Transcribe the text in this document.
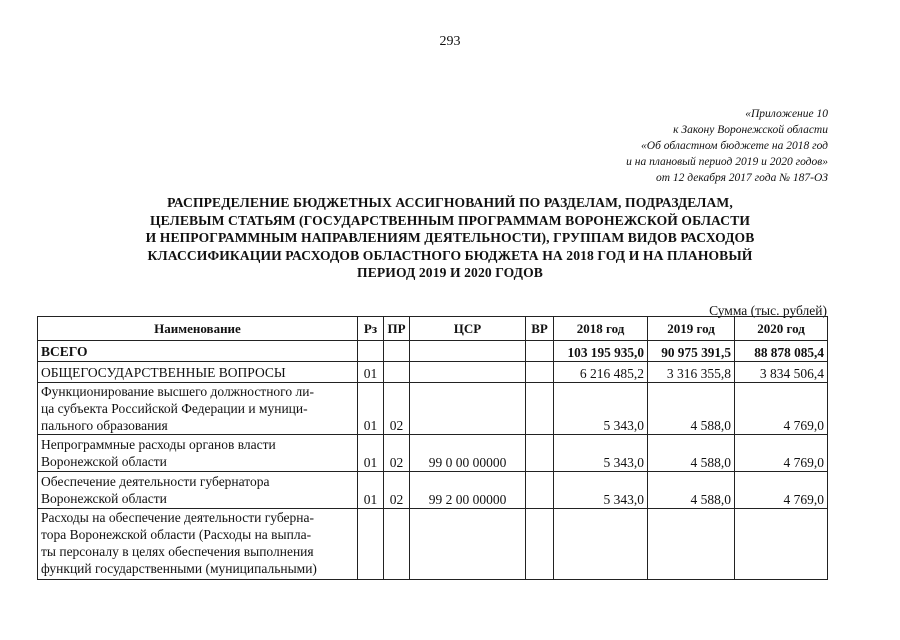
293
«Приложение 10
к Закону Воронежской области
«Об областном бюджете на 2018 год
и на плановый период 2019 и 2020 годов»
от 12 декабря 2017 года № 187-ОЗ
РАСПРЕДЕЛЕНИЕ БЮДЖЕТНЫХ АССИГНОВАНИЙ ПО РАЗДЕЛАМ, ПОДРАЗДЕЛАМ,
ЦЕЛЕВЫМ СТАТЬЯМ (ГОСУДАРСТВЕННЫМ ПРОГРАММАМ ВОРОНЕЖСКОЙ ОБЛАСТИ
И НЕПРОГРАММНЫМ НАПРАВЛЕНИЯМ ДЕЯТЕЛЬНОСТИ), ГРУППАМ ВИДОВ РАСХОДОВ
КЛАССИФИКАЦИИ РАСХОДОВ ОБЛАСТНОГО БЮДЖЕТА НА 2018 ГОД И НА ПЛАНОВЫЙ
ПЕРИОД 2019 И 2020 ГОДОВ
Сумма (тыс. рублей)
Наименование	Рз	ПР	ЦСР	ВР	2018 год	2019 год	2020 год

ВСЕГО					103 195 935,0	90 975 391,5	88 878 085,4

ОБЩЕГОСУДАРСТВЕННЫЕ ВОПРОСЫ	01				6 216 485,2	3 316 355,8	3 834 506,4

Функционирование высшего должностного ли-
ца субъекта Российской Федерации и муници-
пального образования	01	02			5 343,0	4 588,0	4 769,0

Непрограммные расходы органов власти
Воронежской области	01	02	99 0 00 00000		5 343,0	4 588,0	4 769,0

Обеспечение деятельности губернатора
Воронежской области	01	02	99 2 00 00000		5 343,0	4 588,0	4 769,0

Расходы на обеспечение деятельности губерна-
тора Воронежской области (Расходы на выпла-
ты персоналу в целях обеспечения выполнения
функций государственными (муниципальными)							
